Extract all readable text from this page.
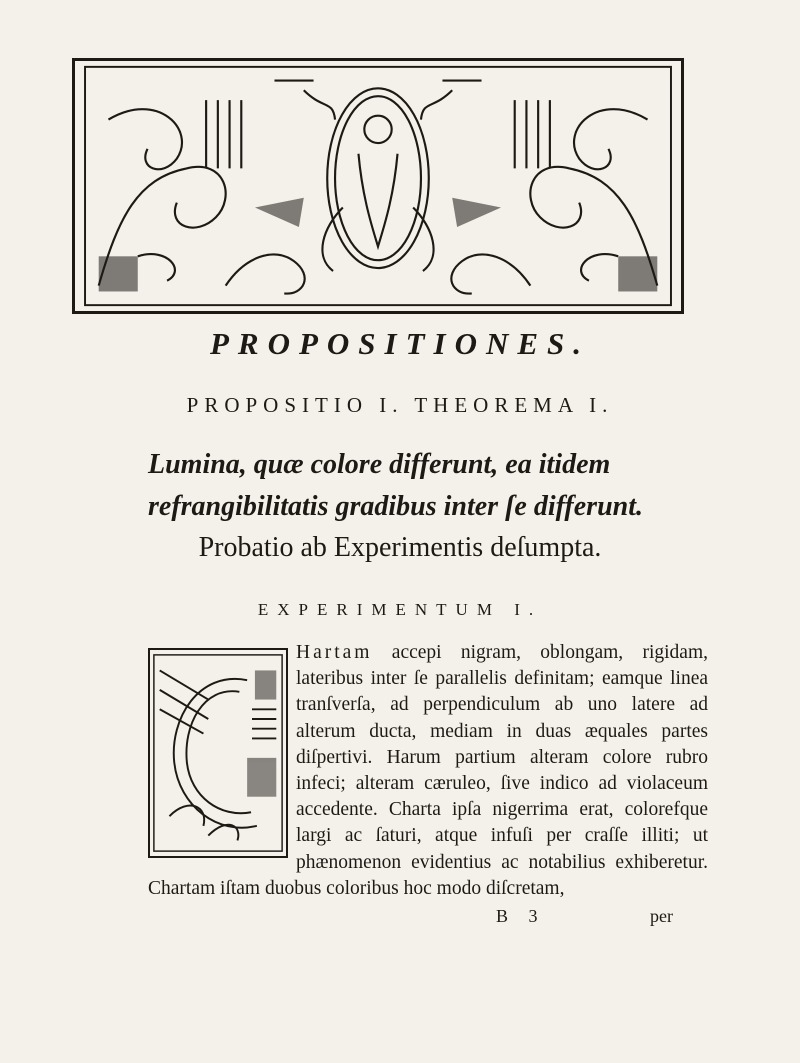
PROPOSITIONES.
PROPOSITIO I. THEOREMA I.
Lumina, quæ colore differunt, ea itidem refrangibilitatis gradibus inter ſe differunt.
Probatio ab Experimentis deſumpta.
EXPERIMENTUM I.
Hartam accepi nigram, oblongam, rigidam, lateribus inter ſe parallelis definitam; eamque linea tranſverſa, ad perpendiculum ab uno latere ad alterum ducta, mediam in duas æquales partes diſpertivi. Harum partium alteram colore rubro infeci; alteram cæruleo, ſive indico ad violaceum accedente. Charta ipſa nigerrima erat, colorefque largi ac ſaturi, atque infuſi per craſſe illiti; ut phænomenon evidentius ac notabilius exhiberetur. Chartam iſtam duobus coloribus hoc modo diſcretam,
B 3	per
